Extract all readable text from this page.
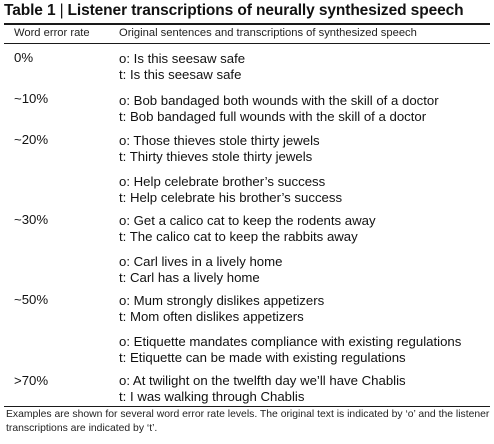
Table 1 | Listener transcriptions of neurally synthesized speech
Word error rate	Original sentences and transcriptions of synthesized speech
0%	o: Is this seesaw safe
t: Is this seesaw safe
~10%	o: Bob bandaged both wounds with the skill of a doctor
t: Bob bandaged full wounds with the skill of a doctor
~20%	o: Those thieves stole thirty jewels
t: Thirty thieves stole thirty jewels
o: Help celebrate brother’s success
t: Help celebrate his brother’s success
~30%	o: Get a calico cat to keep the rodents away
t: The calico cat to keep the rabbits away
o: Carl lives in a lively home
t: Carl has a lively home
~50%	o: Mum strongly dislikes appetizers
t: Mom often dislikes appetizers
o: Etiquette mandates compliance with existing regulations
t: Etiquette can be made with existing regulations
>70%	o: At twilight on the twelfth day we’ll have Chablis
t: I was walking through Chablis
Examples are shown for several word error rate levels. The original text is indicated by ‘o’ and the listener transcriptions are indicated by ‘t’.
